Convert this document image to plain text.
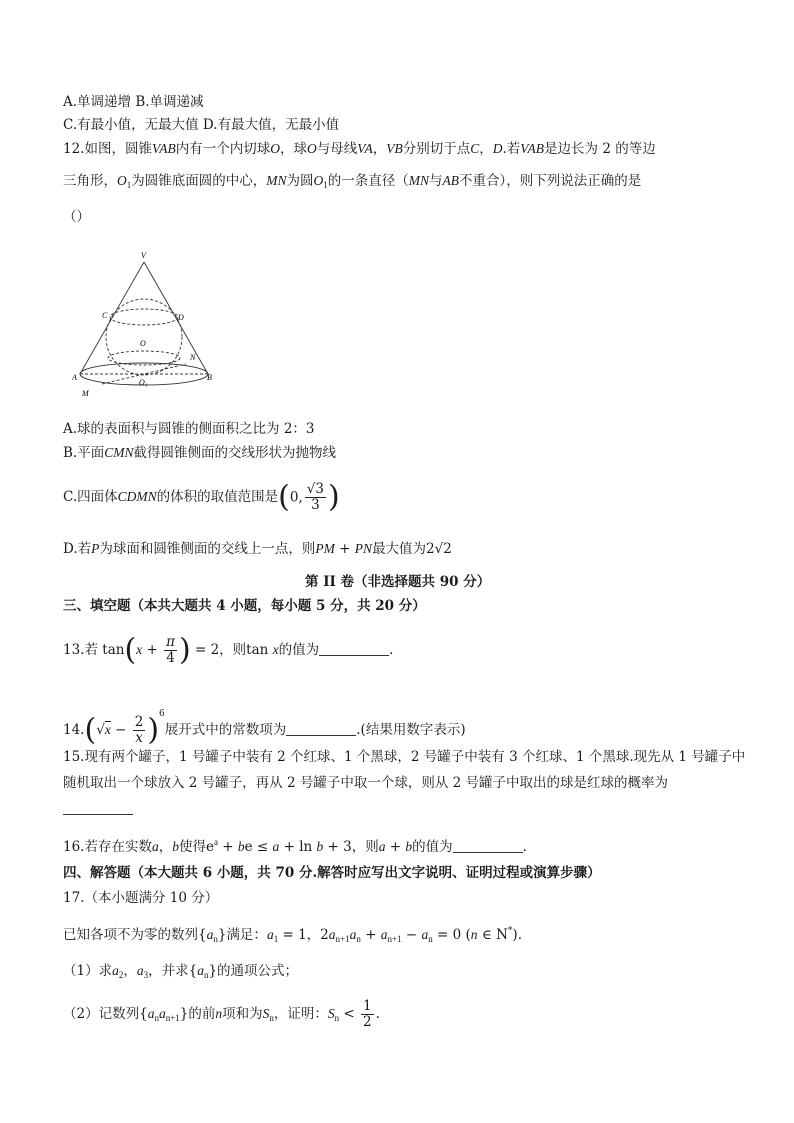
A.单调递增 B.单调递减
C.有最小值，无最大值 D.有最大值，无最小值
12.如图，圆锥VAB内有一个内切球O，球O与母线VA，VB分别切于点C，D.若VAB是边长为 2 的等边
三角形，$O_1$为圆锥底面圆的中心，MN为圆$O_1$的一条直径（MN与AB不重合），则下列说法正确的是
（）
V
C	D
O
N
A	B
O₁
M
A.球的表面积与圆锥的侧面积之比为 2：3
B.平面CMN截得圆锥侧面的交线形状为抛物线
C.四面体CDMN的体积的取值范围是(0, $\frac{√3}{3}$ )
D.若P为球面和圆锥侧面的交线上一点，则PM + PN最大值为2√2
第 II 卷（非选择题共 90 分）
三、填空题（本共大题共 4 小题，每小题 5 分，共 20 分）
13.若 $\tan(x + \frac{\pi}{4}$ ) = 2，则tan x的值为	.
$14.(√x - \frac{2}{x} )^6$展开式中的常数项为	.(结果用数字表示)
15.现有两个罐子，1 号罐子中装有 2 个红球、1 个黑球，2 号罐子中装有 3 个红球、1 个黑球.现先从 1 号罐子中
随机取出一个球放入 2 号罐子，再从 2 号罐子中取一个球，则从 2 号罐子中取出的球是红球的概率为
16.若存在实数a，b使得$e^a$ + be ≤ a + ln b + 3，则a + b的值为	.
四、解答题（本大题共 6 小题，共 70 分.解答时应写出文字说明、证明过程或演算步骤）
17.（本小题满分 10 分）
已知各项不为零的数列$\{a_n\}$满足：$a_1 = 1$，$2a_{n+1}a_n + a_{n+1} - a_n = 0$ (n ∈ N*).
（1）求$a_2$，$a_3$，并求$\{a_n\}$的通项公式；
（2）记数列$\{a_na_{n+1}\}$的前n项和为$S_n$，证明：$S_n < \frac{1}{2}$ .
